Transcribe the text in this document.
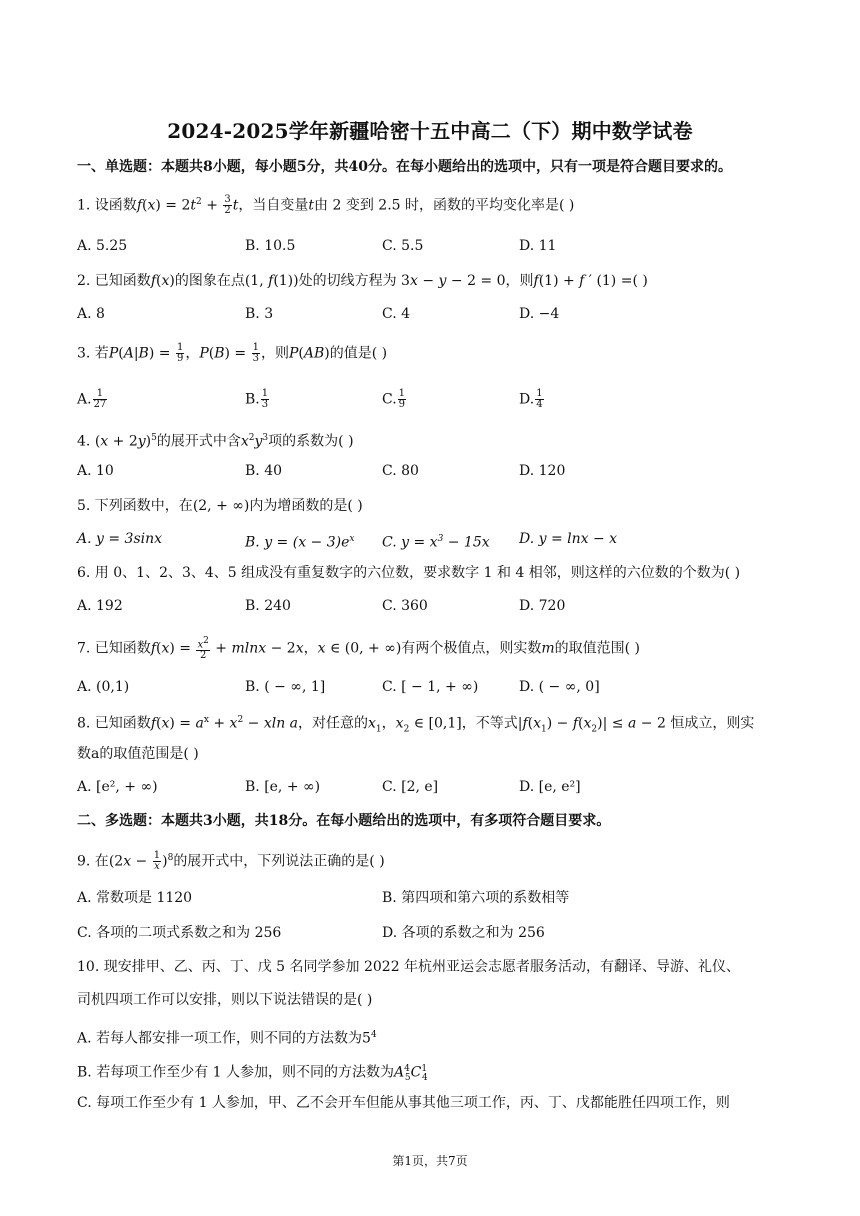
2024-2025学年新疆哈密十五中高二（下）期中数学试卷
一、单选题：本题共8小题，每小题5分，共40分。在每小题给出的选项中，只有一项是符合题目要求的。
1. 设函数$f(x) = 2t^2 + \frac{3}{2}$ t，当自变量t由 2 变到 2.5 时，函数的平均变化率是( )
A. 5.25	B. 10.5	C. 5.5	D. 11
2. 已知函数f(x)的图象在点(1, f(1))处的切线方程为 3x − y − 2 = 0，则f(1) + f ′ (1) =( )
A. 8	B. 3	C. 4	D. −4
3. 若$P(A|B) = \frac{1}{9}$ ，$P(B) = \frac{1}{3}$ ，则P(AB)的值是( )
A. $\frac{1}{27}$	B. $\frac{1}{3}$	C. $\frac{1}{9}$	D. $\frac{1}{4}$
4. $(x + 2y)^5$的展开式中含$x^2y^3$项的系数为( )
A. 10	B. 40	C. 80	D. 120
5. 下列函数中，在(2, + ∞)内为增函数的是( )
A. y = 3sinx	B. $y = (x - 3)e^x$ C. $y = x^3 - 15x$ D. y = lnx − x
6. 用 0、1、2、3、4、5 组成没有重复数字的六位数，要求数字 1 和 4 相邻，则这样的六位数的个数为( )
A. 192	B. 240	C. 360	D. 720
7. 已知函数$f(x) = \frac{x^2}{2} + mlnx - 2x$，x ∈ (0, + ∞)有两个极值点，则实数m的取值范围( )
A. (0,1)	B. ( − ∞, 1]	C. [ − 1, + ∞)	D. ( − ∞, 0]
8. 已知函数$f(x) = a^x + x^2 - xln$ a，对任意的$x_1$，$x_2$ ∈ [0,1]，不等式$|f(x_1) - f(x_2)| \le a - 2$ 恒成立，则实
数a的取值范围是( )
A. [e², + ∞)	B. [e, + ∞)	C. [2, e]	D. [e, e²]
二、多选题：本题共3小题，共18分。在每小题给出的选项中，有多项符合题目要求。
9. 在$(2x - \frac{1}{x} )^8$的展开式中，下列说法正确的是( )
A. 常数项是 1120	B. 第四项和第六项的系数相等
C. 各项的二项式系数之和为 256	D. 各项的系数之和为 256
10. 现安排甲、乙、丙、丁、戊 5 名同学参加 2022 年杭州亚运会志愿者服务活动，有翻译、导游、礼仪、
司机四项工作可以安排，则以下说法错误的是( )
A. 若每人都安排一项工作，则不同的方法数为$5^4$
B. 若每项工作至少有 1 人参加，则不同的方法数为$A^4_5C^1_4$
C. 每项工作至少有 1 人参加，甲、乙不会开车但能从事其他三项工作，丙、丁、戊都能胜任四项工作，则
第1页，共7页
